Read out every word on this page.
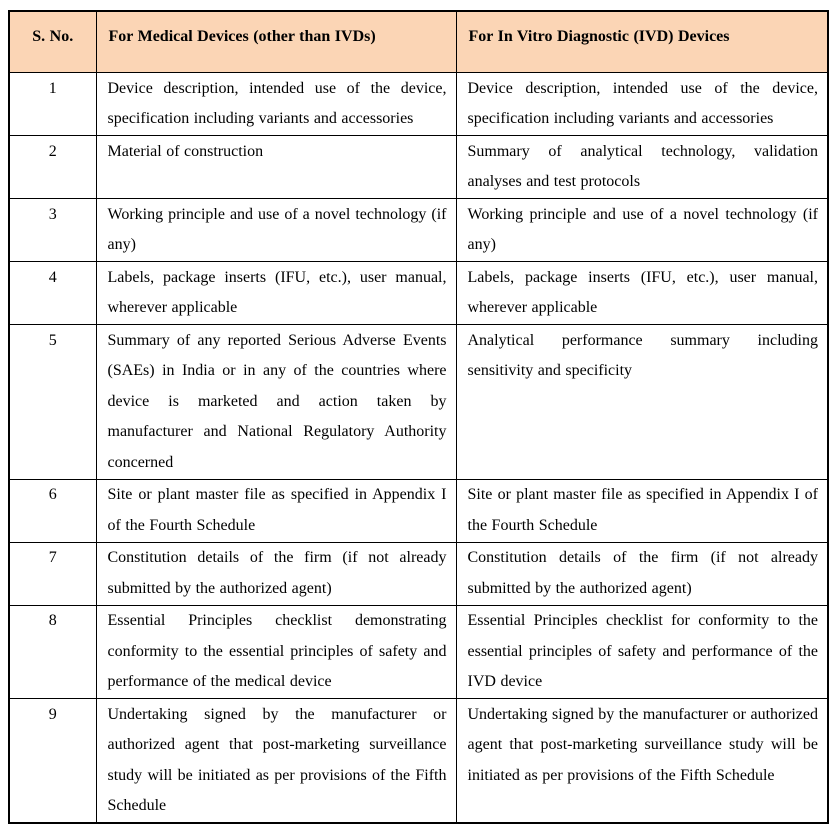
S. No.	For Medical Devices (other than IVDs)	For In Vitro Diagnostic (IVD) Devices
1	Device description, intended use of the device, specification including variants and accessories	Device description, intended use of the device, specification including variants and accessories
2	Material of construction	Summary of analytical technology, validation analyses and test protocols
3	Working principle and use of a novel technology (if any)	Working principle and use of a novel technology (if any)
4	Labels, package inserts (IFU, etc.), user manual, wherever applicable	Labels, package inserts (IFU, etc.), user manual, wherever applicable
5	Summary of any reported Serious Adverse Events (SAEs) in India or in any of the countries where device is marketed and action taken by manufacturer and National Regulatory Authority concerned	Analytical performance summary including sensitivity and specificity
6	Site or plant master file as specified in Appendix I of the Fourth Schedule	Site or plant master file as specified in Appendix I of the Fourth Schedule
7	Constitution details of the firm (if not already submitted by the authorized agent)	Constitution details of the firm (if not already submitted by the authorized agent)
8	Essential Principles checklist demonstrating conformity to the essential principles of safety and performance of the medical device	Essential Principles checklist for conformity to the essential principles of safety and performance of the IVD device
9	Undertaking signed by the manufacturer or authorized agent that post-marketing surveillance study will be initiated as per provisions of the Fifth Schedule	Undertaking signed by the manufacturer or authorized agent that post-marketing surveillance study will be initiated as per provisions of the Fifth Schedule
